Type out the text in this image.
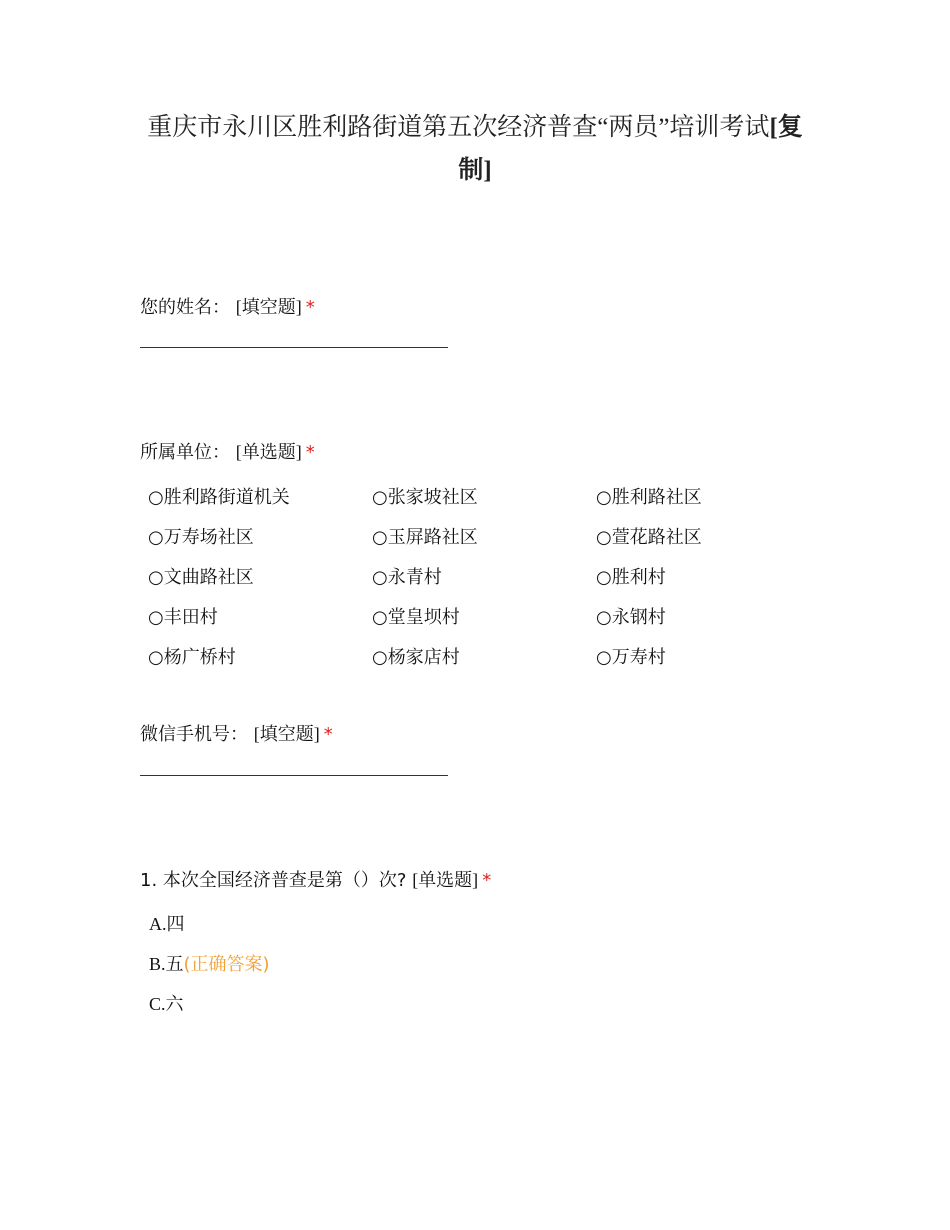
重庆市永川区胜利路街道第五次经济普查“两员”培训考试[复
制]
您的姓名： [填空题] *
所属单位： [单选题] *
○胜利路街道机关	○张家坡社区	○胜利路社区
○万寿场社区	○玉屏路社区	○萱花路社区
○文曲路社区	○永青村	○胜利村
○丰田村	○堂皇坝村	○永钢村
○杨广桥村	○杨家店村	○万寿村
微信手机号： [填空题] *
1. 本次全国经济普查是第（）次? [单选题] *
A.四
B.五(正确答案)
C.六
